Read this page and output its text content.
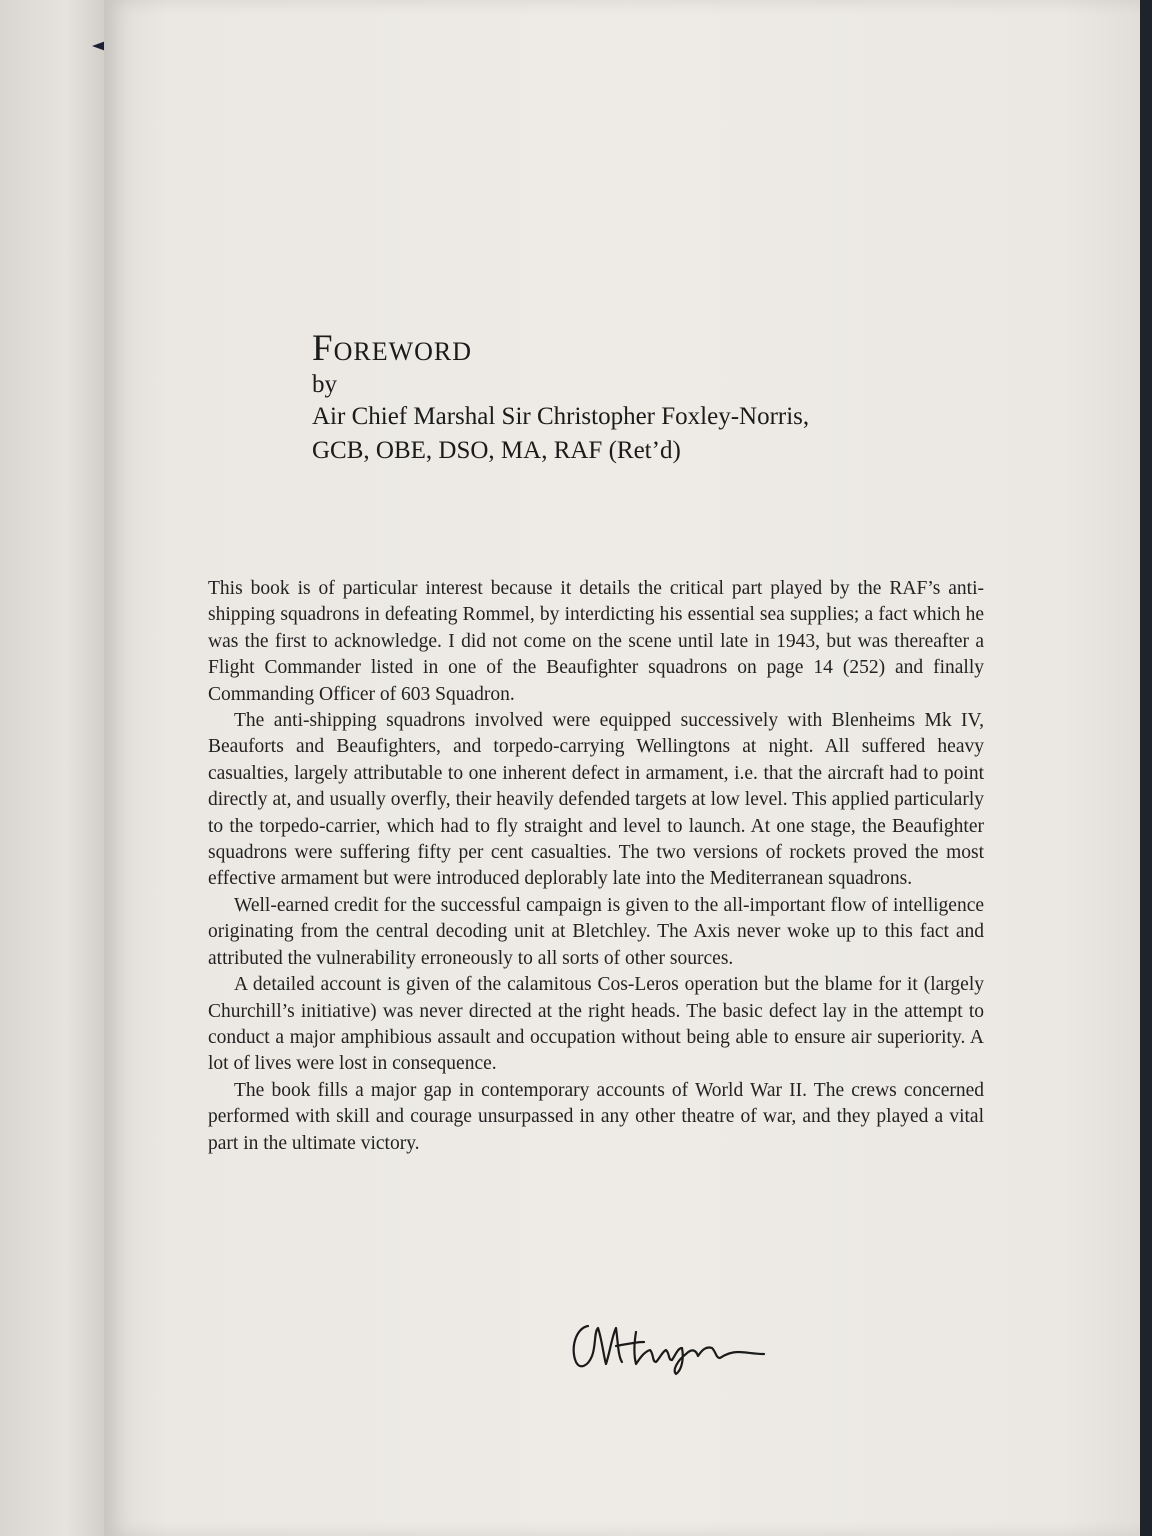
Foreword
by
Air Chief Marshal Sir Christopher Foxley-Norris,
GCB, OBE, DSO, MA, RAF (Ret’d)

This book is of particular interest because it details the critical part played by the RAF’s anti-shipping squadrons in defeating Rommel, by interdicting his essential sea supplies; a fact which he was the first to acknowledge. I did not come on the scene until late in 1943, but was thereafter a Flight Commander listed in one of the Beaufighter squadrons on page 14 (252) and finally Commanding Officer of 603 Squadron.

The anti-shipping squadrons involved were equipped successively with Blenheims Mk IV, Beauforts and Beaufighters, and torpedo-carrying Wellingtons at night. All suffered heavy casualties, largely attributable to one inherent defect in armament, i.e. that the aircraft had to point directly at, and usually overfly, their heavily defended targets at low level. This applied particularly to the torpedo-carrier, which had to fly straight and level to launch. At one stage, the Beaufighter squadrons were suffering fifty per cent casualties. The two versions of rockets proved the most effective armament but were introduced deplorably late into the Mediterranean squadrons.

Well-earned credit for the successful campaign is given to the all-important flow of intelligence originating from the central decoding unit at Bletchley. The Axis never woke up to this fact and attributed the vulnerability erroneously to all sorts of other sources.

A detailed account is given of the calamitous Cos-Leros operation but the blame for it (largely Churchill’s initiative) was never directed at the right heads. The basic defect lay in the attempt to conduct a major amphibious assault and occupation without being able to ensure air superiority. A lot of lives were lost in consequence.

The book fills a major gap in contemporary accounts of World War II. The crews concerned performed with skill and courage unsurpassed in any other theatre of war, and they played a vital part in the ultimate victory.
